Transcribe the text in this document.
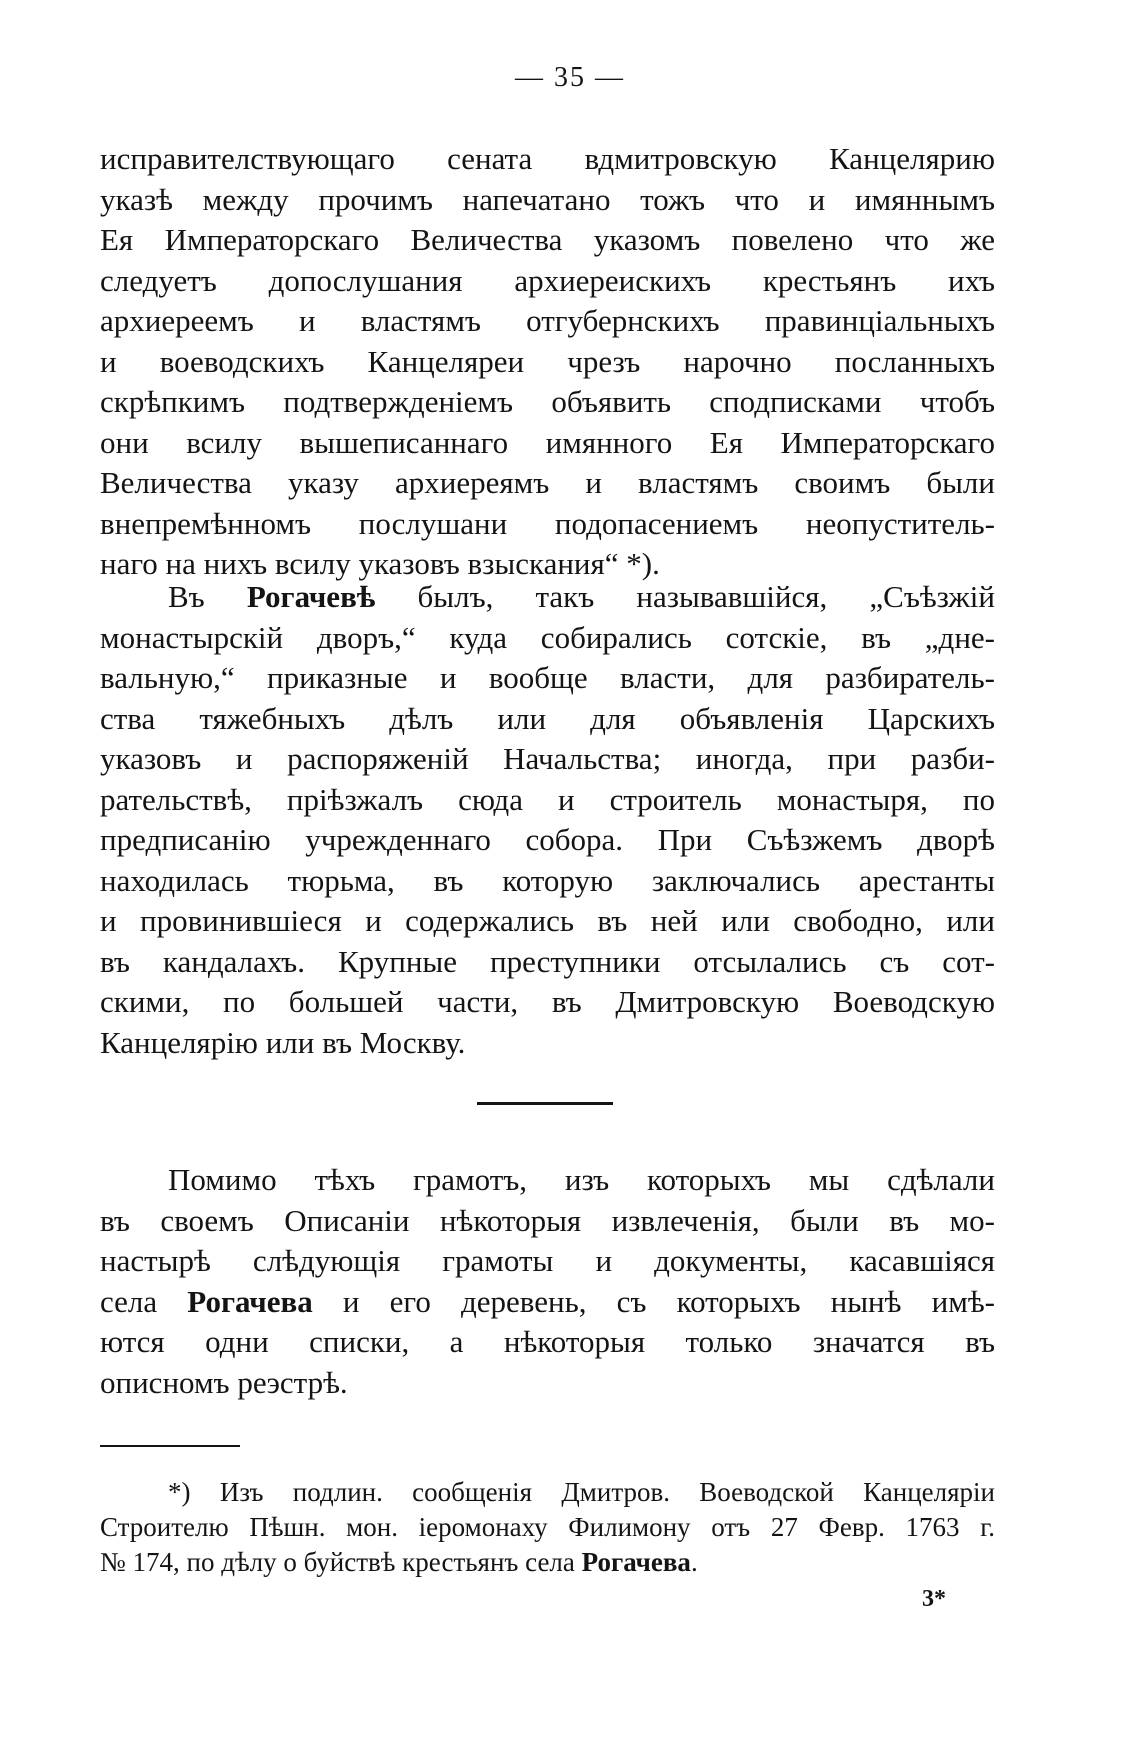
— 35 —
исправителствующаго сената вдмитровскую Канцелярию
указѣ между прочимъ напечатано тожъ что и имяннымъ
Ея Императорскаго Величества указомъ повелено что же
следуетъ допослушания архиереискихъ крестьянъ ихъ
архиереемъ и властямъ отгубернскихъ правинціальныхъ
и воеводскихъ Канцеляреи чрезъ нарочно посланныхъ
скрѣпкимъ подтвержденіемъ объявить сподписками чтобъ
они всилу вышеписаннаго имянного Ея Императорскаго
Величества указу архиереямъ и властямъ своимъ были
внепремѣнномъ послушани подопасениемъ неопуститель-
наго на нихъ всилу указовъ взыскания“ *).
Въ Рогачевѣ былъ, такъ называвшійся, „Съѣзжій
монастырскій дворъ,“ куда собирались сотскіе, въ „дне-
вальную,“ приказные и вообще власти, для разбиратель-
ства тяжебныхъ дѣлъ или для объявленія Царскихъ
указовъ и распоряженій Начальства; иногда, при разби-
рательствѣ, пріѣзжалъ сюда и строитель монастыря, по
предписанію учрежденнаго собора. При Съѣзжемъ дворѣ
находилась тюрьма, въ которую заключались арестанты
и провинившіеся и содержались въ ней или свободно, или
въ кандалахъ. Крупные преступники отсылались съ сот-
скими, по большей части, въ Дмитровскую Воеводскую
Канцелярію или въ Москву.
Помимо тѣхъ грамотъ, изъ которыхъ мы сдѣлали
въ своемъ Описаніи нѣкоторыя извлеченія, были въ мо-
настырѣ слѣдующія грамоты и документы, касавшіяся
села Рогачева и его деревень, съ которыхъ нынѣ имѣ-
ются одни списки, а нѣкоторыя только значатся въ
описномъ реэстрѣ.
*) Изъ подлин. сообщенія Дмитров. Воеводской Канцеляріи
Строителю Пѣшн. мон. іеромонаху Филимону отъ 27 Февр. 1763 г.
№ 174, по дѣлу о буйствѣ крестьянъ села Рогачева.
3*
